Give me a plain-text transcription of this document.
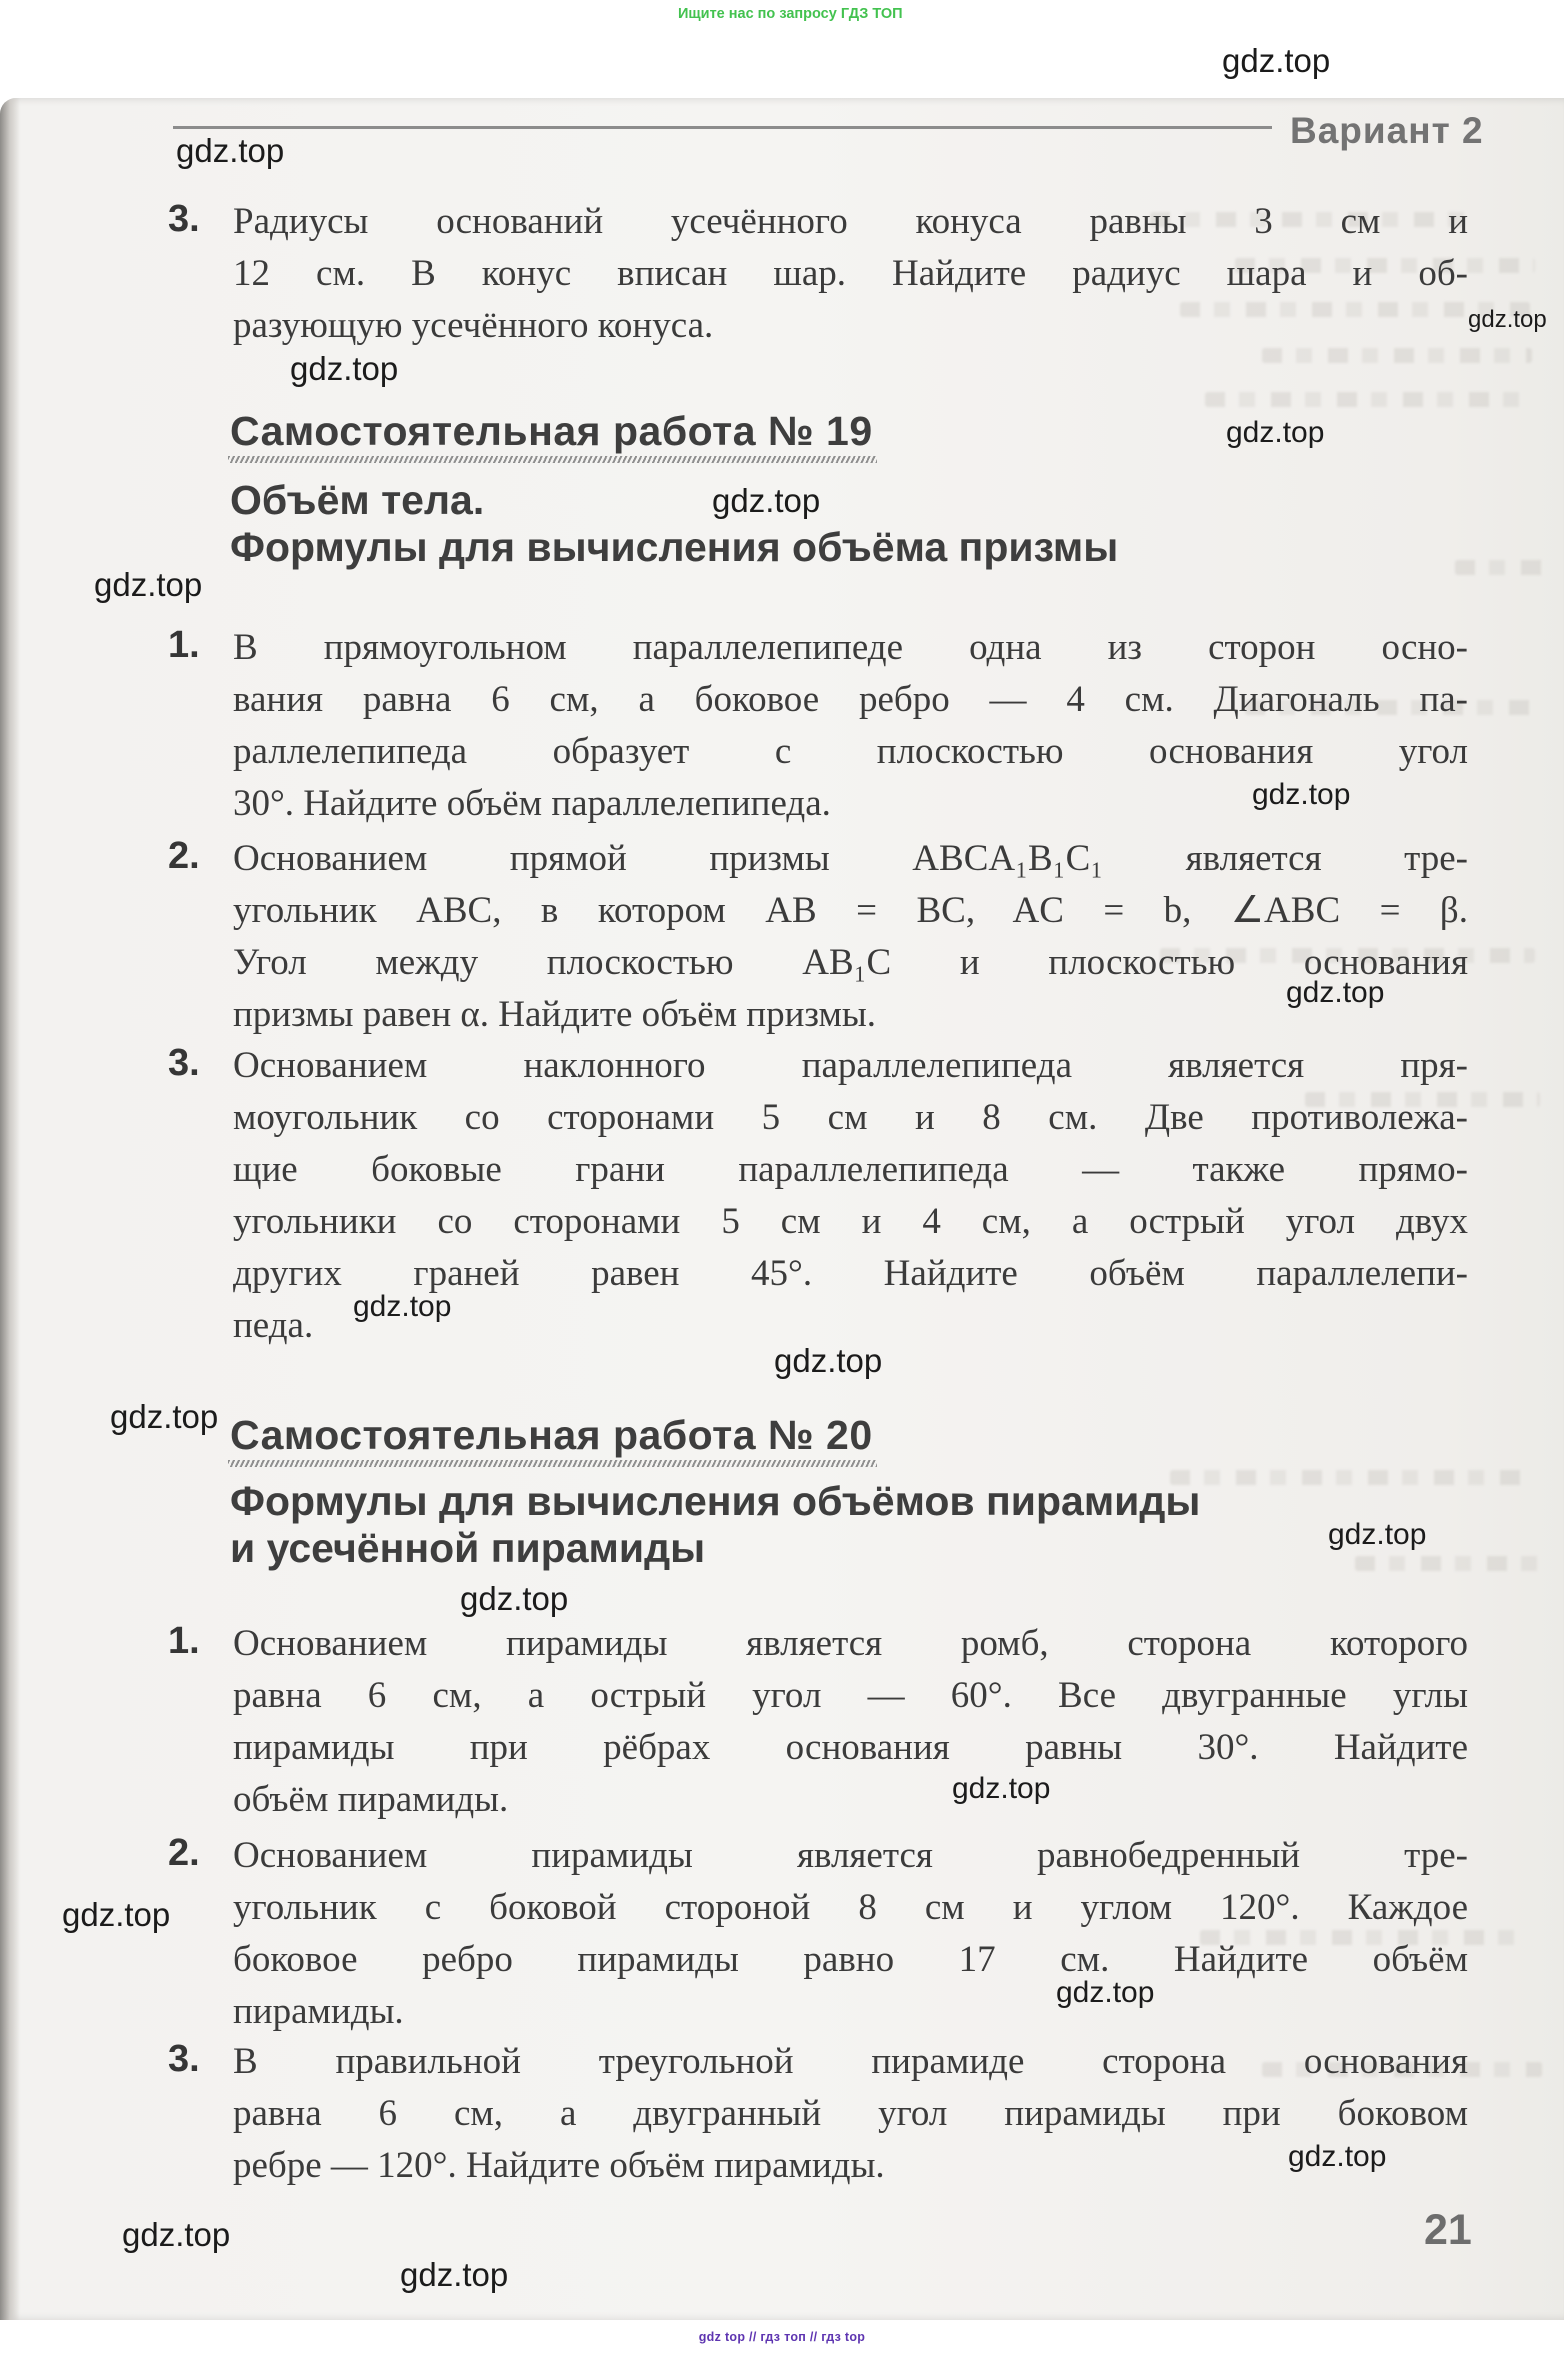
Ищите нас по запросу ГДЗ ТОП
Вариант 2
3. Радиусы оснований усечённого конуса равны 3 см и
12 см. В конус вписан шар. Найдите радиус шара и об-
разующую усечённого конуса.
Самостоятельная работа № 19
Объём тела.
Формулы для вычисления объёма призмы
1. В прямоугольном параллелепипеде одна из сторон осно-
вания равна 6 см, а боковое ребро — 4 см. Диагональ па-
раллелепипеда образует с плоскостью основания угол
30°. Найдите объём параллелепипеда.
2. Основанием прямой призмы ABCA₁B₁C₁ является тре-
угольник ABC, в котором AB = BC, AC = b, ∠ABC = β.
Угол между плоскостью AB₁C и плоскостью основания
призмы равен α. Найдите объём призмы.
3. Основанием наклонного параллелепипеда является пря-
моугольник со сторонами 5 см и 8 см. Две противолежа-
щие боковые грани параллелепипеда — также прямо-
угольники со сторонами 5 см и 4 см, а острый угол двух
других граней равен 45°. Найдите объём параллелепи-
педа.
Самостоятельная работа № 20
Формулы для вычисления объёмов пирамиды
и усечённой пирамиды
1. Основанием пирамиды является ромб, сторона которого
равна 6 см, а острый угол — 60°. Все двугранные углы
пирамиды при рёбрах основания равны 30°. Найдите
объём пирамиды.
2. Основанием пирамиды является равнобедренный тре-
угольник с боковой стороной 8 см и углом 120°. Каждое
боковое ребро пирамиды равно 17 см. Найдите объём
пирамиды.
3. В правильной треугольной пирамиде сторона основания
равна 6 см, а двугранный угол пирамиды при боковом
ребре — 120°. Найдите объём пирамиды.
gdz.top
gdz.top
gdz.top
gdz.top
gdz.top
gdz.top
gdz.top
gdz.top
gdz.top
gdz.top
gdz.top
gdz.top
gdz.top
gdz.top
gdz.top
gdz.top
gdz.top
gdz.top
gdz.top
gdz.top
21
gdz top // гдз топ // гдз top
